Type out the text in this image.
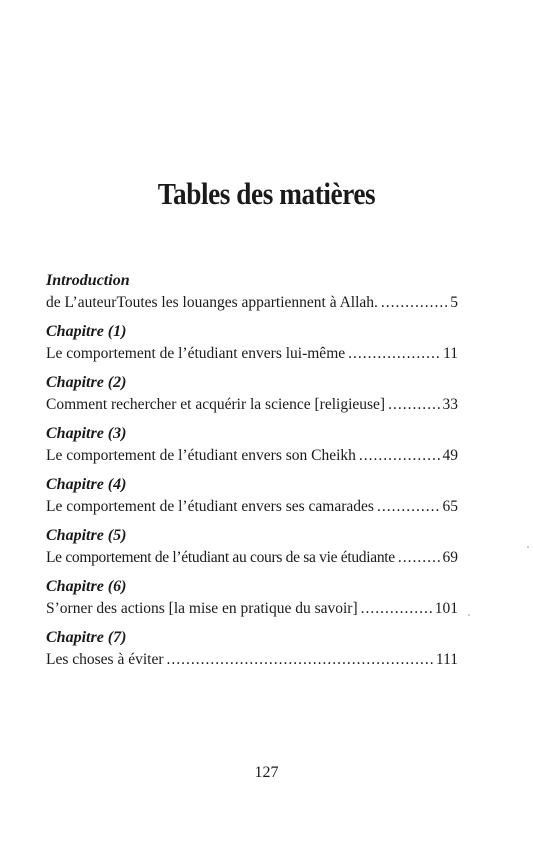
Tables des matières
Introduction
de L’auteurToutes les louanges appartiennent à Allah. .....	5
Chapitre (1)
Le comportement de l’étudiant envers lui-même .....	11
Chapitre (2)
Comment rechercher et acquérir la science [religieuse] .....	33
Chapitre (3)
Le comportement de l’étudiant envers son Cheikh .....	49
Chapitre (4)
Le comportement de l’étudiant envers ses camarades .....	65
Chapitre (5)
Le comportement de l’étudiant au cours de sa vie étudiante .....	69
Chapitre (6)
S’orner des actions [la mise en pratique du savoir] .....	101
Chapitre (7)
Les choses à éviter .....	111
127
